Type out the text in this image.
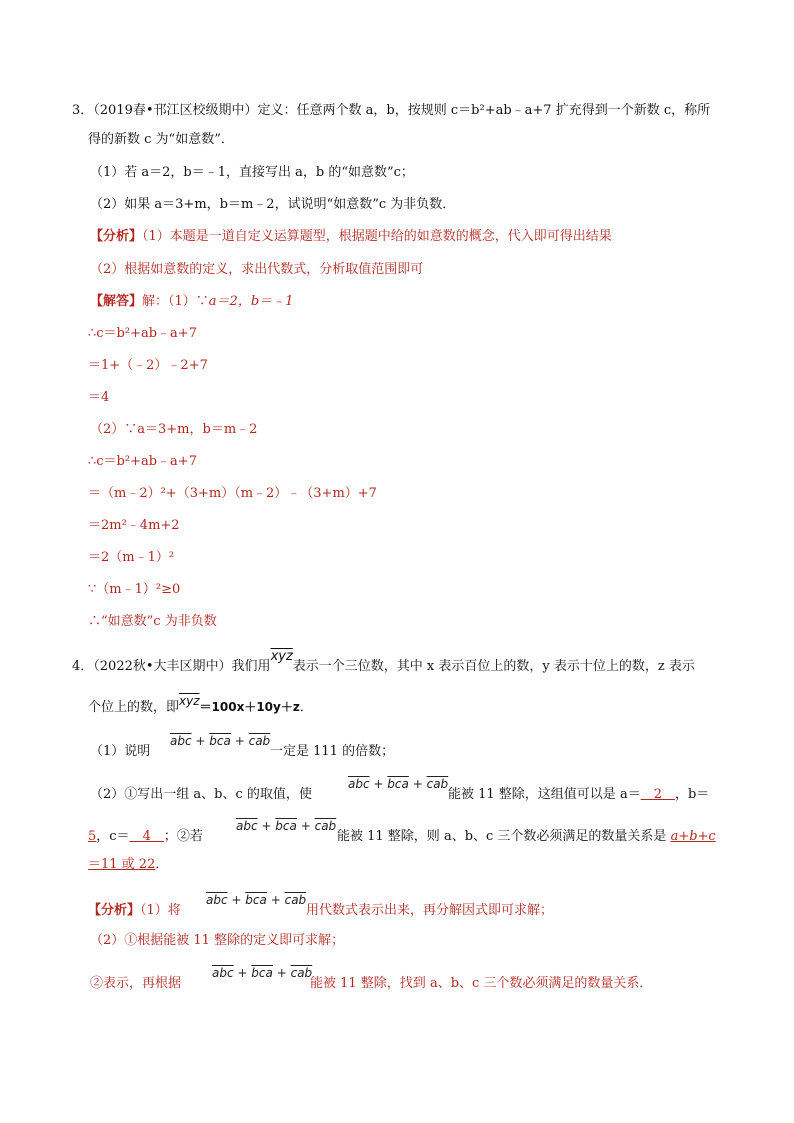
3．（2019春•邗江区校级期中）定义：任意两个数 a，b，按规则 c＝b²+ab﹣a+7 扩充得到一个新数 c，称所
得的新数 c 为“如意数”．
（1）若 a＝2，b＝﹣1，直接写出 a，b 的“如意数”c；
（2）如果 a＝3+m，b＝m﹣2，试说明“如意数”c 为非负数．
【分析】（1）本题是一道自定义运算题型，根据题中给的如意数的概念，代入即可得出结果
（2）根据如意数的定义，求出代数式，分析取值范围即可
【解答】解：（1）∵a＝2，b＝﹣1
∴c＝b²+ab﹣a+7
＝1+（﹣2）﹣2+7
＝4
（2）∵a＝3+m，b＝m﹣2
∴c＝b²+ab﹣a+7
＝（m﹣2）²+（3+m）（m﹣2）﹣（3+m）+7
＝2m²﹣4m+2
＝2（m﹣1）²
∵（m﹣1）²≥0
∴“如意数”c 为非负数
4．（2022秋•大丰区期中）我们用$\overline{xyz}$表示一个三位数，其中 x 表示百位上的数，y 表示十位上的数，z 表示
个位上的数，即$\overline{xyz}=100x+10y+z$．
（1）说明
$\overline{abc} + \overline{bca} + \overline{cab}$
一定是 111 的倍数；
（2）①写出一组 a、b、c 的取值，使
$\overline{abc} + \overline{bca} + \overline{cab}$
能被 11 整除，这组值可以是 a＝　2　，b＝
5，c＝　4　；②若
$\overline{abc} + \overline{bca} + \overline{cab}$
能被 11 整除，则 a、b、c 三个数必须满足的数量关系是 a+b+c
＝11 或 22．
【分析】（1）将
$\overline{abc} + \overline{bca} + \overline{cab}$
用代数式表示出来，再分解因式即可求解；
（2）①根据能被 11 整除的定义即可求解；
②表示，再根据
$\overline{abc} + \overline{bca} + \overline{cab}$
能被 11 整除，找到 a、b、c 三个数必须满足的数量关系．
